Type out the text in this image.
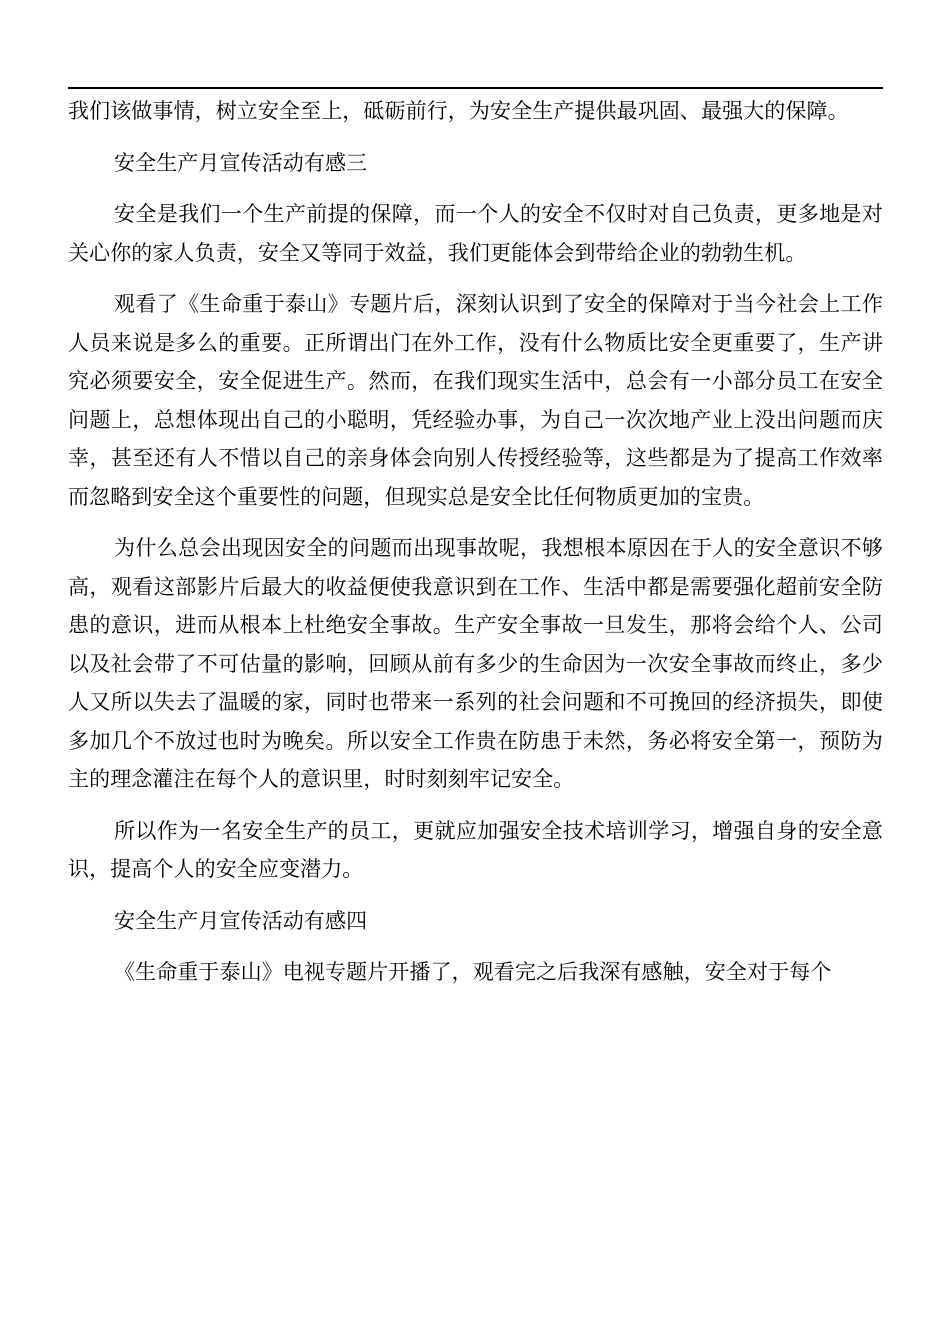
我们该做事情，树立安全至上，砥砺前行，为安全生产提供最巩固、最强大的保障。

安全生产月宣传活动有感三

安全是我们一个生产前提的保障，而一个人的安全不仅时对自己负责，更多地是对关心你的家人负责，安全又等同于效益，我们更能体会到带给企业的勃勃生机。

观看了《生命重于泰山》专题片后，深刻认识到了安全的保障对于当今社会上工作人员来说是多么的重要。正所谓出门在外工作，没有什么物质比安全更重要了，生产讲究必须要安全，安全促进生产。然而，在我们现实生活中，总会有一小部分员工在安全问题上，总想体现出自己的小聪明，凭经验办事，为自己一次次地产业上没出问题而庆幸，甚至还有人不惜以自己的亲身体会向别人传授经验等，这些都是为了提高工作效率而忽略到安全这个重要性的问题，但现实总是安全比任何物质更加的宝贵。

为什么总会出现因安全的问题而出现事故呢，我想根本原因在于人的安全意识不够高，观看这部影片后最大的收益便使我意识到在工作、生活中都是需要强化超前安全防患的意识，进而从根本上杜绝安全事故。生产安全事故一旦发生，那将会给个人、公司以及社会带了不可估量的影响，回顾从前有多少的生命因为一次安全事故而终止，多少人又所以失去了温暖的家，同时也带来一系列的社会问题和不可挽回的经济损失，即使多加几个不放过也时为晚矣。所以安全工作贵在防患于未然，务必将安全第一，预防为主的理念灌注在每个人的意识里，时时刻刻牢记安全。

所以作为一名安全生产的员工，更就应加强安全技术培训学习，增强自身的安全意识，提高个人的安全应变潜力。

安全生产月宣传活动有感四

《生命重于泰山》电视专题片开播了，观看完之后我深有感触，安全对于每个
